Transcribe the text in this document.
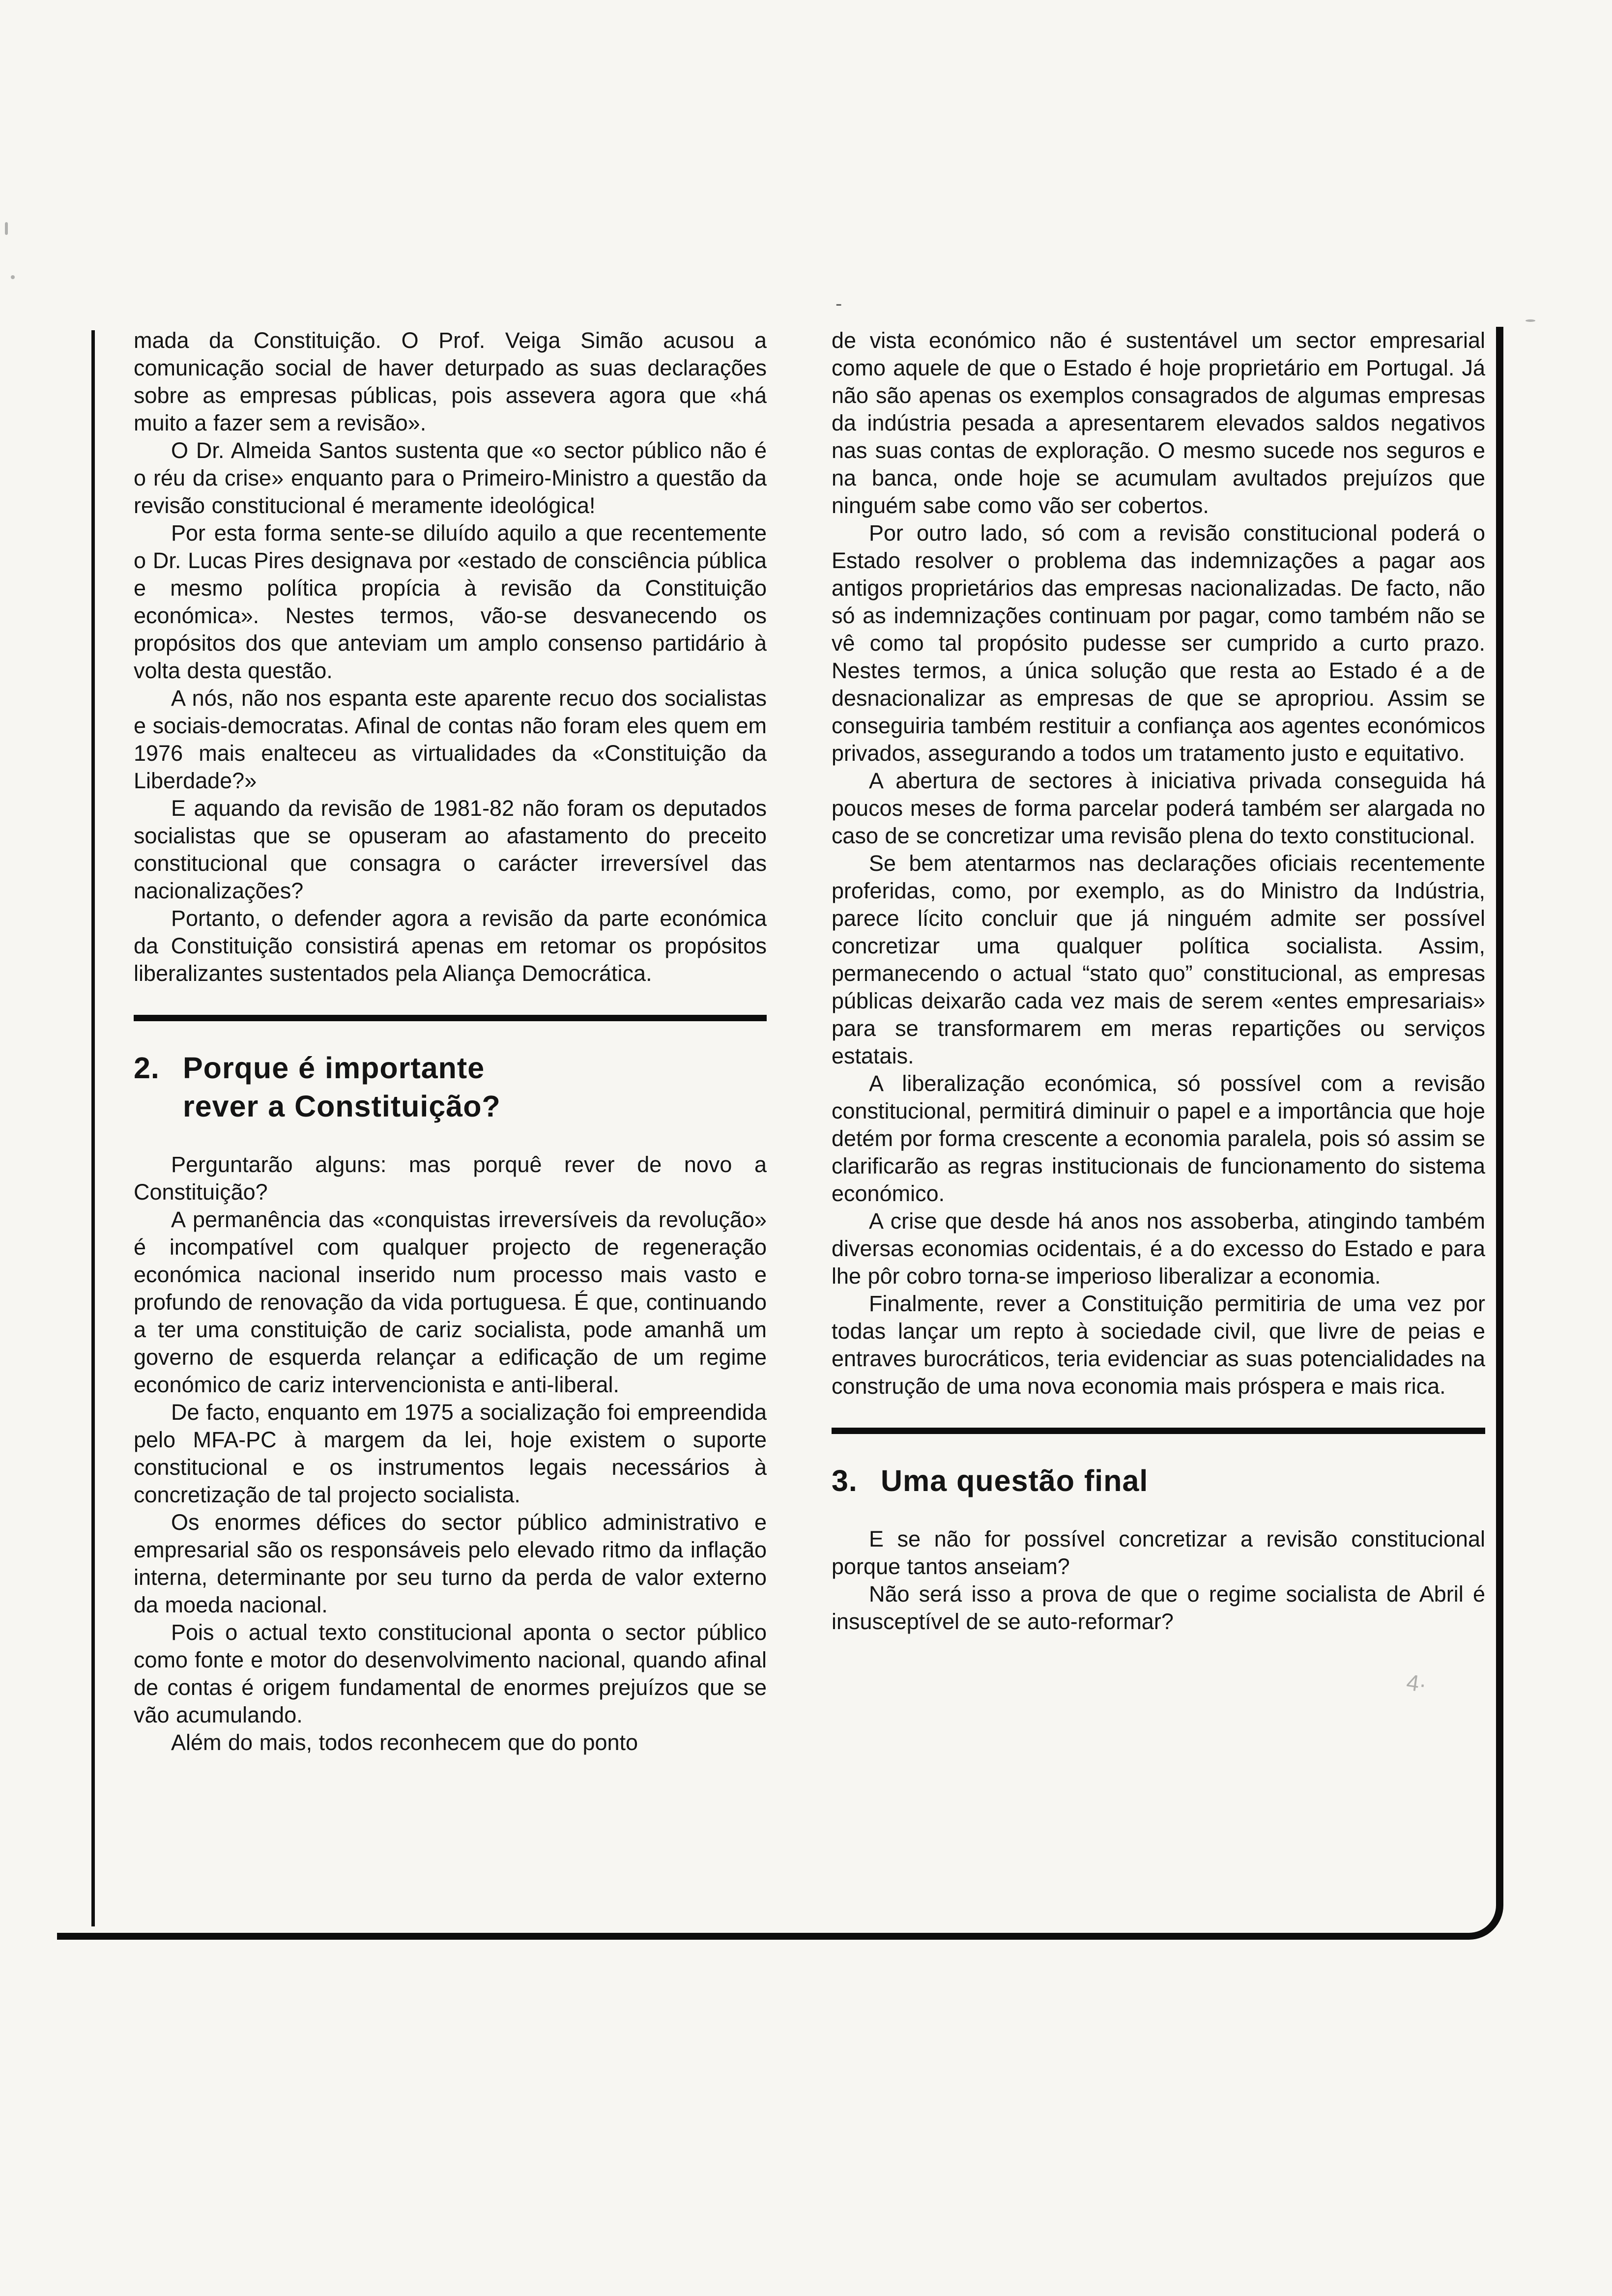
mada da Constituição. O Prof. Veiga Simão acusou a comunicação social de haver deturpado as suas declarações sobre as empresas públicas, pois assevera agora que «há muito a fazer sem a revisão».

O Dr. Almeida Santos sustenta que «o sector público não é o réu da crise» enquanto para o Primeiro-Ministro a questão da revisão constitucional é meramente ideológica!

Por esta forma sente-se diluído aquilo a que recentemente o Dr. Lucas Pires designava por «estado de consciência pública e mesmo política propícia à revisão da Constituição económica». Nestes termos, vão-se desvanecendo os propósitos dos que anteviam um amplo consenso partidário à volta desta questão.

A nós, não nos espanta este aparente recuo dos socialistas e sociais-democratas. Afinal de contas não foram eles quem em 1976 mais enalteceu as virtualidades da «Constituição da Liberdade?»

E aquando da revisão de 1981-82 não foram os deputados socialistas que se opuseram ao afastamento do preceito constitucional que consagra o carácter irreversível das nacionalizações?

Portanto, o defender agora a revisão da parte económica da Constituição consistirá apenas em retomar os propósitos liberalizantes sustentados pela Aliança Democrática.

2. Porque é importante
rever a Constituição?

Perguntarão alguns: mas porquê rever de novo a Constituição?

A permanência das «conquistas irreversíveis da revolução» é incompatível com qualquer projecto de regeneração económica nacional inserido num processo mais vasto e profundo de renovação da vida portuguesa. É que, continuando a ter uma constituição de cariz socialista, pode amanhã um governo de esquerda relançar a edificação de um regime económico de cariz intervencionista e anti-liberal.

De facto, enquanto em 1975 a socialização foi empreendida pelo MFA-PC à margem da lei, hoje existem o suporte constitucional e os instrumentos legais necessários à concretização de tal projecto socialista.

Os enormes défices do sector público administrativo e empresarial são os responsáveis pelo elevado ritmo da inflação interna, determinante por seu turno da perda de valor externo da moeda nacional.

Pois o actual texto constitucional aponta o sector público como fonte e motor do desenvolvimento nacional, quando afinal de contas é origem fundamental de enormes prejuízos que se vão acumulando.

Além do mais, todos reconhecem que do ponto

de vista económico não é sustentável um sector empresarial como aquele de que o Estado é hoje proprietário em Portugal. Já não são apenas os exemplos consagrados de algumas empresas da indústria pesada a apresentarem elevados saldos negativos nas suas contas de exploração. O mesmo sucede nos seguros e na banca, onde hoje se acumulam avultados prejuízos que ninguém sabe como vão ser cobertos.

Por outro lado, só com a revisão constitucional poderá o Estado resolver o problema das indemnizações a pagar aos antigos proprietários das empresas nacionalizadas. De facto, não só as indemnizações continuam por pagar, como também não se vê como tal propósito pudesse ser cumprido a curto prazo. Nestes termos, a única solução que resta ao Estado é a de desnacionalizar as empresas de que se apropriou. Assim se conseguiria também restituir a confiança aos agentes económicos privados, assegurando a todos um tratamento justo e equitativo.

A abertura de sectores à iniciativa privada conseguida há poucos meses de forma parcelar poderá também ser alargada no caso de se concretizar uma revisão plena do texto constitucional.

Se bem atentarmos nas declarações oficiais recentemente proferidas, como, por exemplo, as do Ministro da Indústria, parece lícito concluir que já ninguém admite ser possível concretizar uma qualquer política socialista. Assim, permanecendo o actual “stato quo” constitucional, as empresas públicas deixarão cada vez mais de serem «entes empresariais» para se transformarem em meras repartições ou serviços estatais.

A liberalização económica, só possível com a revisão constitucional, permitirá diminuir o papel e a importância que hoje detém por forma crescente a economia paralela, pois só assim se clarificarão as regras institucionais de funcionamento do sistema económico.

A crise que desde há anos nos assoberba, atingindo também diversas economias ocidentais, é a do excesso do Estado e para lhe pôr cobro torna-se imperioso liberalizar a economia.

Finalmente, rever a Constituição permitiria de uma vez por todas lançar um repto à sociedade civil, que livre de peias e entraves burocráticos, teria evidenciar as suas potencialidades na construção de uma nova economia mais próspera e mais rica.

3. Uma questão final

E se não for possível concretizar a revisão constitucional porque tantos anseiam?

Não será isso a prova de que o regime socialista de Abril é insusceptível de se auto-reformar?

-
4·
